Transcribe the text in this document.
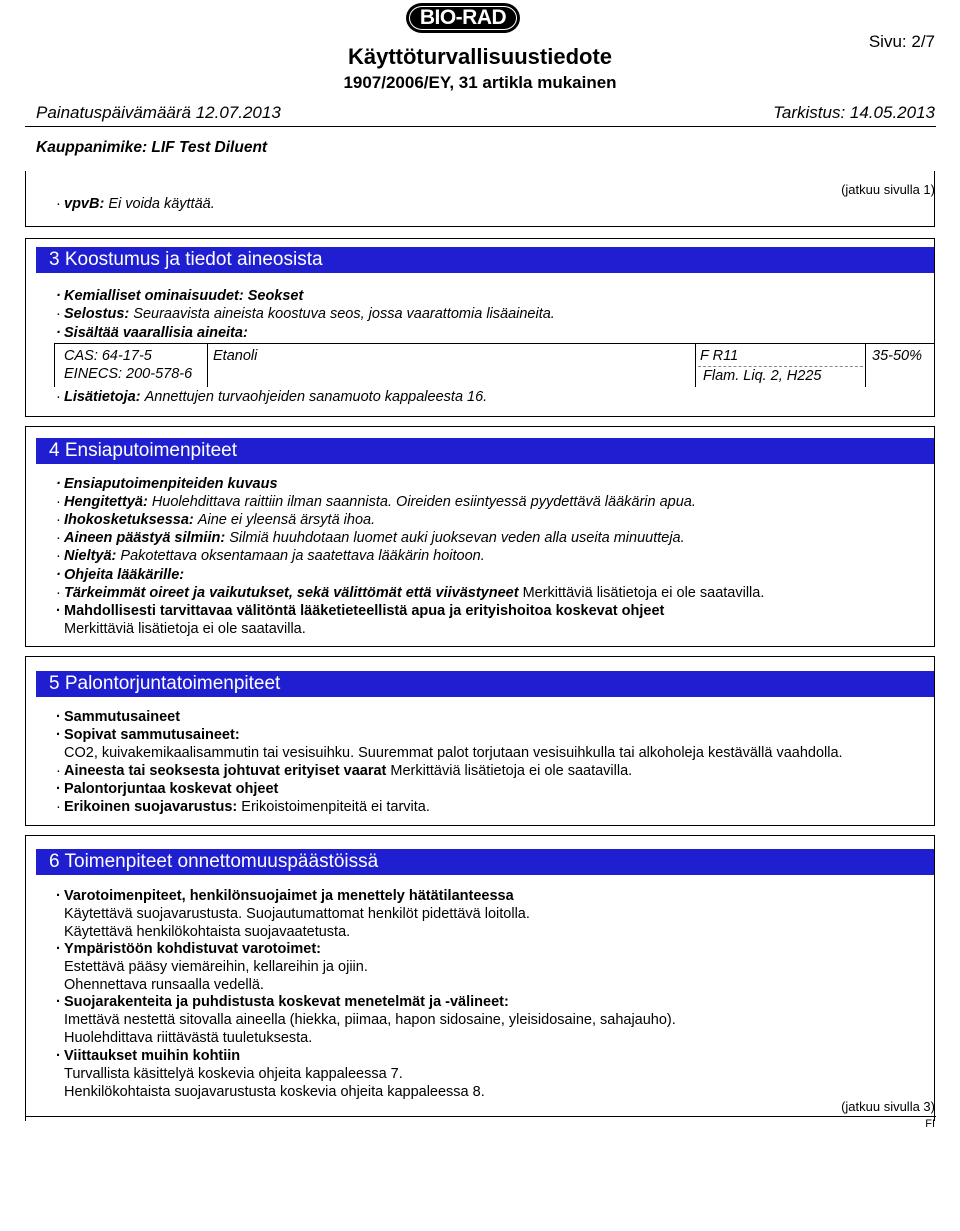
BIO-RAD
Käyttöturvallisuustiedote
1907/2006/EY, 31 artikla mukainen
Sivu: 2/7
Painatuspäivämäärä 12.07.2013	Tarkistus: 14.05.2013
Kauppanimike: LIF Test Diluent
· vpvB: Ei voida käyttää.
(jatkuu sivulla 1)
3 Koostumus ja tiedot aineosista
· Kemialliset ominaisuudet: Seokset
· Selostus: Seuraavista aineista koostuva seos, jossa vaarattomia lisäaineita.
· Sisältää vaarallisia aineita:
CAS: 64-17-5
EINECS: 200-578-6
Etanoli	F R11
Flam. Liq. 2, H225
35-50%
· Lisätietoja: Annettujen turvaohjeiden sanamuoto kappaleesta 16.
4 Ensiaputoimenpiteet
· Ensiaputoimenpiteiden kuvaus
· Hengitettyä: Huolehdittava raittiin ilman saannista. Oireiden esiintyessä pyydettävä lääkärin apua.
· Ihokosketuksessa: Aine ei yleensä ärsytä ihoa.
· Aineen päästyä silmiin: Silmiä huuhdotaan luomet auki juoksevan veden alla useita minuutteja.
· Nieltyä: Pakotettava oksentamaan ja saatettava lääkärin hoitoon.
· Ohjeita lääkärille:
· Tärkeimmät oireet ja vaikutukset, sekä välittömät että viivästyneet Merkittäviä lisätietoja ei ole saatavilla.
· Mahdollisesti tarvittavaa välitöntä lääketieteellistä apua ja erityishoitoa koskevat ohjeet
Merkittäviä lisätietoja ei ole saatavilla.
5 Palontorjuntatoimenpiteet
· Sammutusaineet
· Sopivat sammutusaineet:
CO2, kuivakemikaalisammutin tai vesisuihku. Suuremmat palot torjutaan vesisuihkulla tai alkoholeja kestävällä vaahdolla.
· Aineesta tai seoksesta johtuvat erityiset vaarat Merkittäviä lisätietoja ei ole saatavilla.
· Palontorjuntaa koskevat ohjeet
· Erikoinen suojavarustus: Erikoistoimenpiteitä ei tarvita.
6 Toimenpiteet onnettomuuspäästöissä
· Varotoimenpiteet, henkilönsuojaimet ja menettely hätätilanteessa
Käytettävä suojavarustusta. Suojautumattomat henkilöt pidettävä loitolla.
Käytettävä henkilökohtaista suojavaatetusta.
· Ympäristöön kohdistuvat varotoimet:
Estettävä pääsy viemäreihin, kellareihin ja ojiin.
Ohennettava runsaalla vedellä.
· Suojarakenteita ja puhdistusta koskevat menetelmät ja -välineet:
Imettävä nestettä sitovalla aineella (hiekka, piimaa, hapon sidosaine, yleisidosaine, sahajauho).
Huolehdittava riittävästä tuuletuksesta.
· Viittaukset muihin kohtiin
Turvallista käsittelyä koskevia ohjeita kappaleessa 7.
Henkilökohtaista suojavarustusta koskevia ohjeita kappaleessa 8.
(jatkuu sivulla 3)
FI
